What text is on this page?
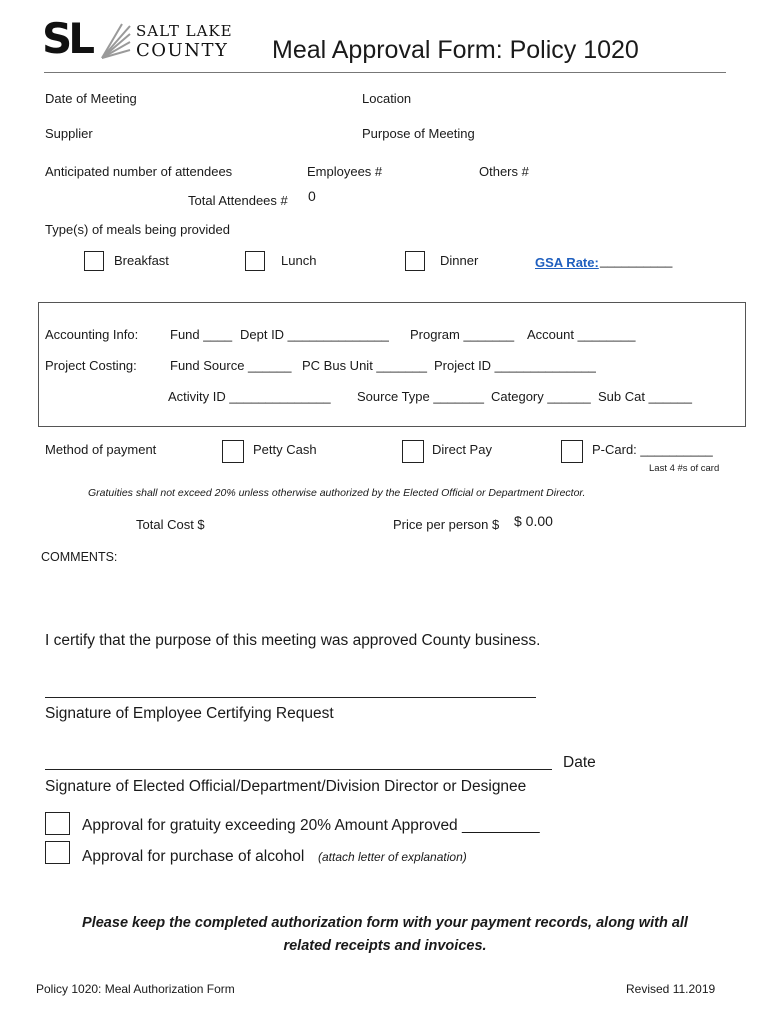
SL	SALT LAKE
COUNTY Meal Approval Form: Policy 1020
Date of Meeting	Location
Supplier	Purpose of Meeting
Anticipated number of attendees	Employees #	Others #
Total Attendees # 0
Type(s) of meals being provided
Breakfast	Lunch	Dinner	GSA Rate: __________
Accounting Info: Fund ____ Dept ID ______________ Program _______ Account ________
Project Costing:	Fund Source ______ PC Bus Unit _______ Project ID ______________
Activity ID ______________ Source Type _______ Category ______ Sub Cat ______
Method of payment	Petty Cash	Direct Pay	P-Card: __________
Last 4 #s of card
Gratuities shall not exceed 20% unless otherwise authorized by the Elected Official or Department Director.
Total Cost $	Price per person $ $ 0.00
COMMENTS:
I certify that the purpose of this meeting was approved County business.
Signature of Employee Certifying Request
Date
Signature of Elected Official/Department/Division Director or Designee
Approval for gratuity exceeding 20% Amount Approved _________
Approval for purchase of alcohol (attach letter of explanation)
Please keep the completed authorization form with your payment records, along with all
related receipts and invoices.
Policy 1020: Meal Authorization Form	Revised 11.2019
